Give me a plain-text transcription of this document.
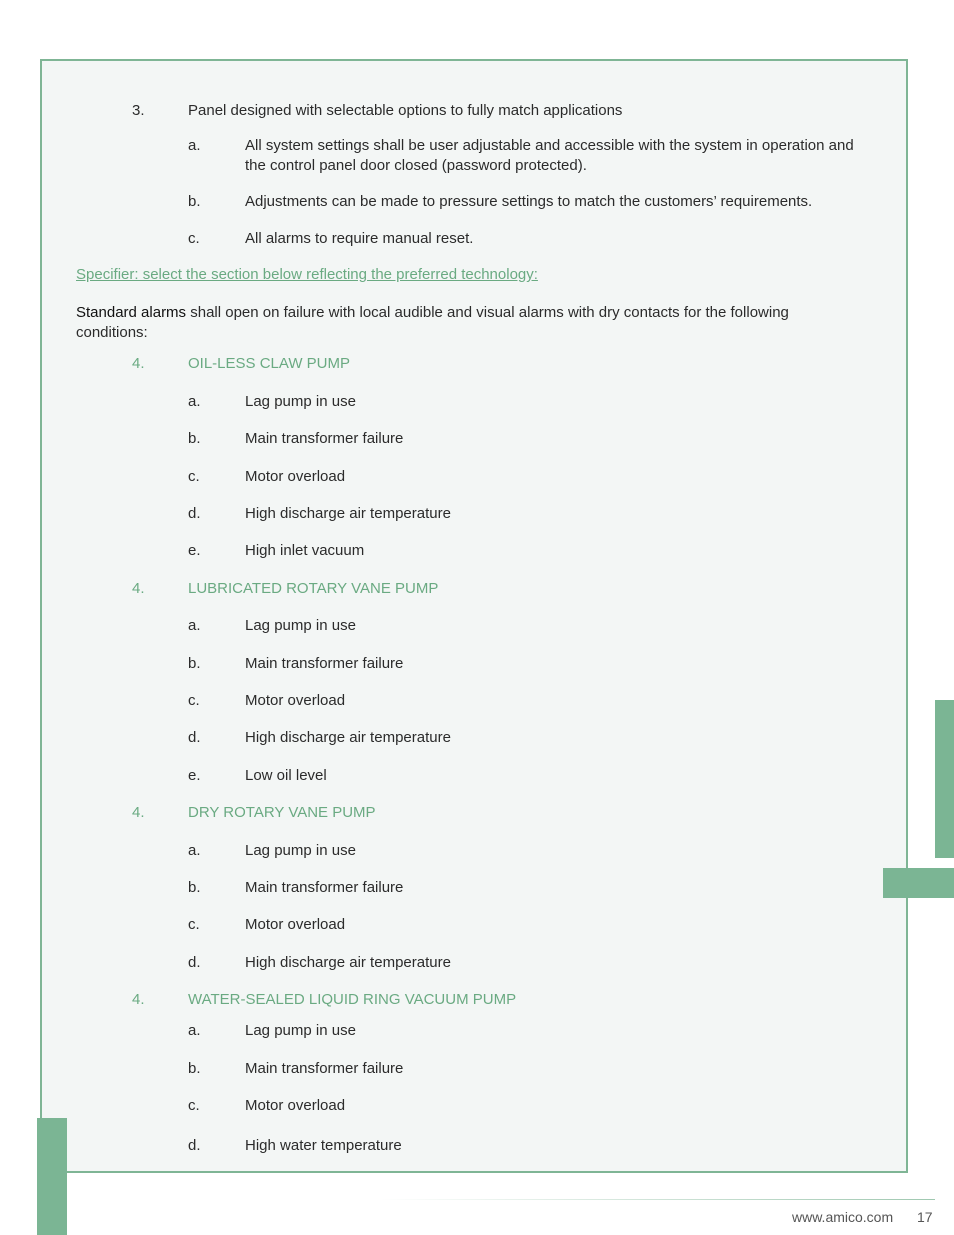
3.	Panel designed with selectable options to fully match applications
a.	All system settings shall be user adjustable and accessible with the system in operation and
the control panel door closed (password protected).
b.	Adjustments can be made to pressure settings to match the customers’ requirements.
c.	All alarms to require manual reset.
Specifier: select the section below reflecting the preferred technology:
Standard alarms shall open on failure with local audible and visual alarms with dry contacts for the following
conditions:
4.	OIL-LESS CLAW PUMP
a.	Lag pump in use
b.	Main transformer failure
c.	Motor overload
d.	High discharge air temperature
e.	High inlet vacuum
4.	LUBRICATED ROTARY VANE PUMP
a.	Lag pump in use
b.	Main transformer failure
c.	Motor overload
d.	High discharge air temperature
e.	Low oil level
4.	DRY ROTARY VANE PUMP
a.	Lag pump in use
b.	Main transformer failure
c.	Motor overload
d.	High discharge air temperature
4.	WATER-SEALED LIQUID RING VACUUM PUMP
a.	Lag pump in use
b.	Main transformer failure
c.	Motor overload
d.	High water temperature
www.amico.com 17
